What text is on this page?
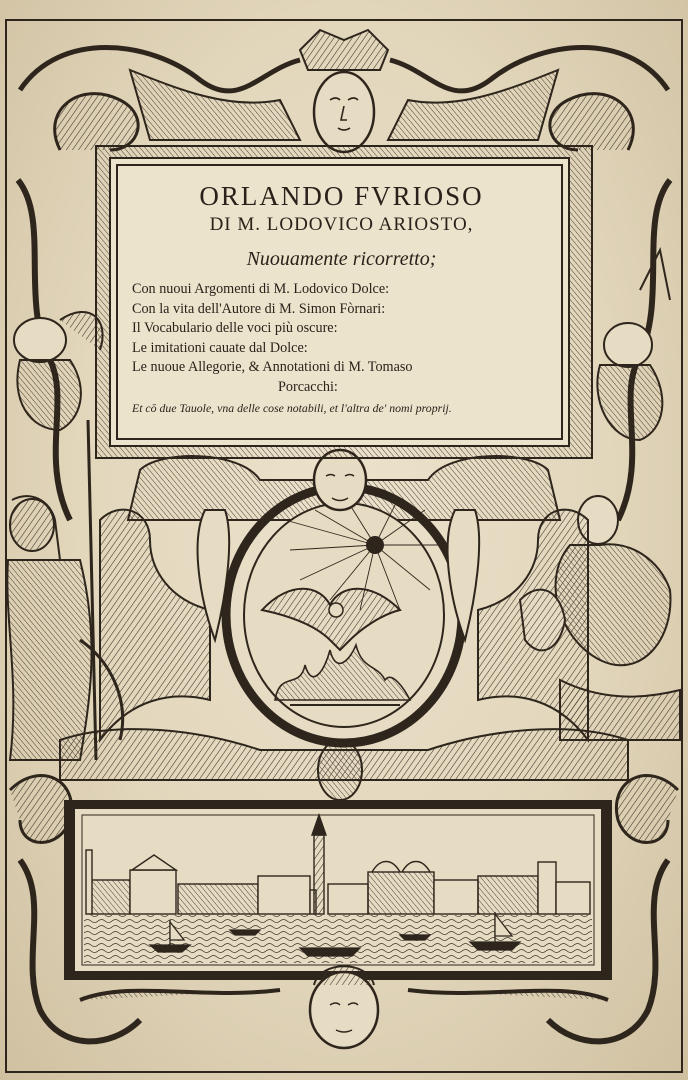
ORLANDO FVRIOSO
DI M. LODOVICO ARIOSTO,
Nuouamente ricorretto;
Con nuoui Argomenti di M. Lodovico Dolce:
Con la vita dell'Autore di M. Simon Fòrnari:
Il Vocabulario delle voci più oscure:
Le imitationi cauate dal Dolce:
Le nuoue Allegorie, & Annotationi di M. Tomaso
Porcacchi:
Et cō due Tauole, vna delle cose notabili, et l'altra de' nomi proprij.
